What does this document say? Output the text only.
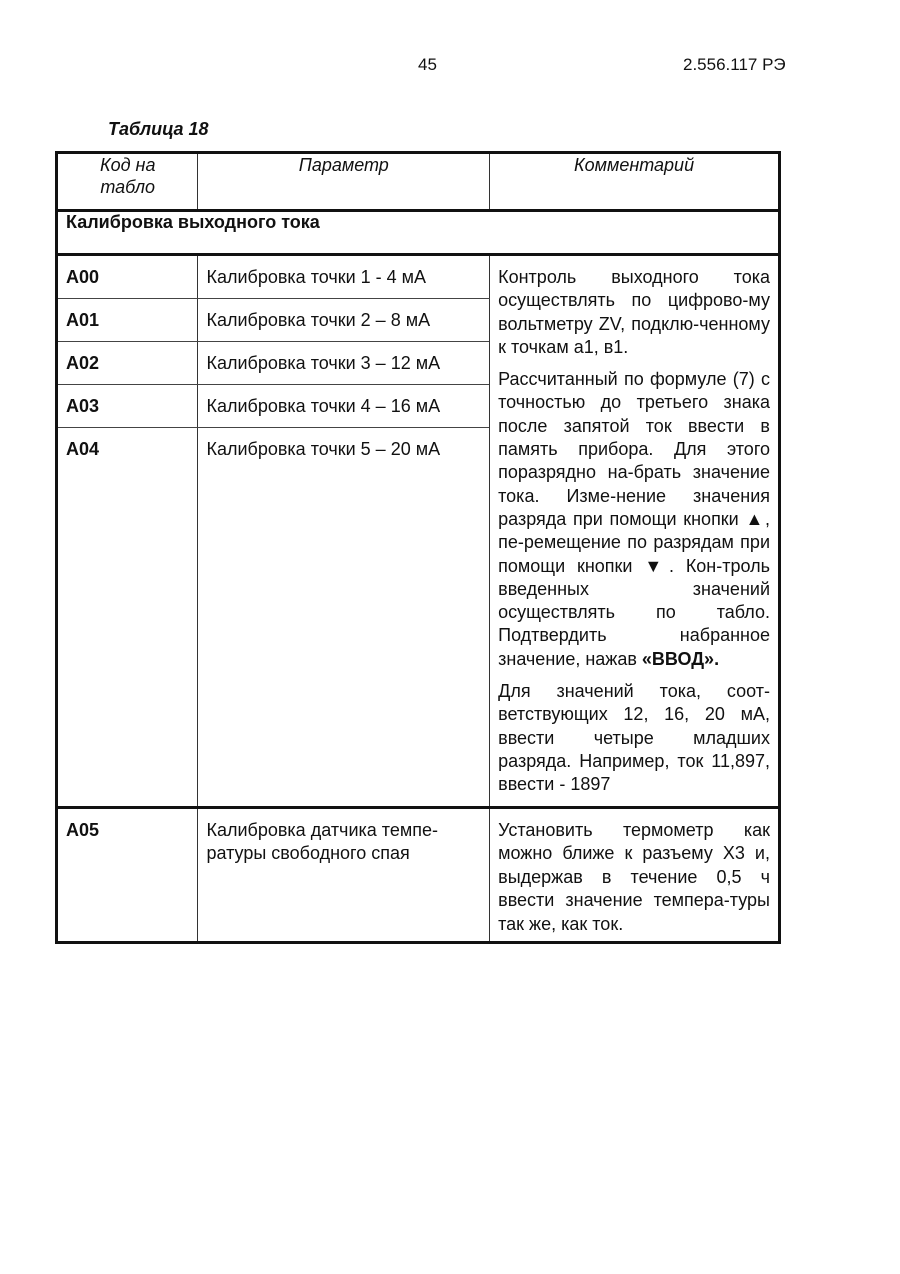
45	2.556.117 РЭ
Таблица 18
Код на
табло	Параметр	Комментарий
Калибровка выходного тока		
A00	Калибровка точки 1 - 4 мА	Контроль выходного тока осуществлять по цифрово-му вольтметру ZV, подклю-ченному к точкам а1, в1.

Рассчитанный по формуле (7) с точностью до третьего знака после запятой ток ввести в память прибора. Для этого поразрядно на-брать значение тока. Изме-нение значения разряда при помощи кнопки ▲, пе-ремещение по разрядам при помощи кнопки ▼. Кон-троль введенных значений осуществлять по табло. Подтвердить набранное значение, нажав «ВВОД».

Для значений тока, соот-ветствующих 12, 16, 20 мА, ввести четыре младших разряда. Например, ток 11,897, ввести - 1897

A01	Калибровка точки 2 – 8 мА	
A02	Калибровка точки 3 – 12 мА	
A03	Калибровка точки 4 – 16 мА	
A04	Калибровка точки 5 – 20 мА	
A05	Калибровка датчика темпе-ратуры свободного спая	Установить термометр как можно ближе к разъему X3 и, выдержав в течение 0,5 ч ввести значение темпера-туры так же, как ток.
